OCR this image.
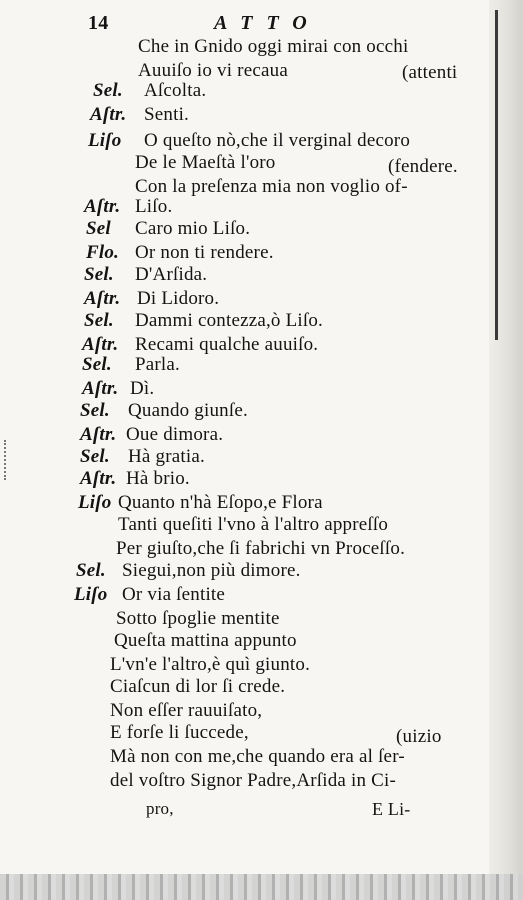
14	ATTO
Che in Gnido oggi mirai con occhi
Auuiſo io vi recaua	(attenti
Sel. Aſcolta.
Aſtr. Senti.
Liſo O queſto nò,che il verginal decoro
De le Maeſtà l'oro	(fendere.
Con la preſenza mia non voglio of-
Aſtr. Liſo.
Sel Caro mio Liſo.
Flo. Or non ti rendere.
Sel. D'Arſida.
Aſtr. Di Lidoro.
Sel. Dammi contezza,ò Liſo.
Aſtr. Recami qualche auuiſo.
Sel. Parla.
Aſtr. Dì.
Sel. Quando giunſe.
Aſtr. Oue dimora.
Sel. Hà gratia.
Aſtr. Hà brio.
Liſo Quanto n'hà Eſopo,e Flora
Tanti queſiti l'vno à l'altro appreſſo
Per giuſto,che ſi fabrichi vn Proceſſo.
Sel. Siegui,non più dimore.
Liſo Or via ſentite
Sotto ſpoglie mentite
Queſta mattina appunto
L'vn'e l'altro,è quì giunto.
Ciaſcun di lor ſi crede.
Non eſſer rauuiſato,
E forſe li ſuccede,	(uizio
Mà non con me,che quando era al ſer-
del voſtro Signor Padre,Arſida in Ci-
pro,	E Li-
